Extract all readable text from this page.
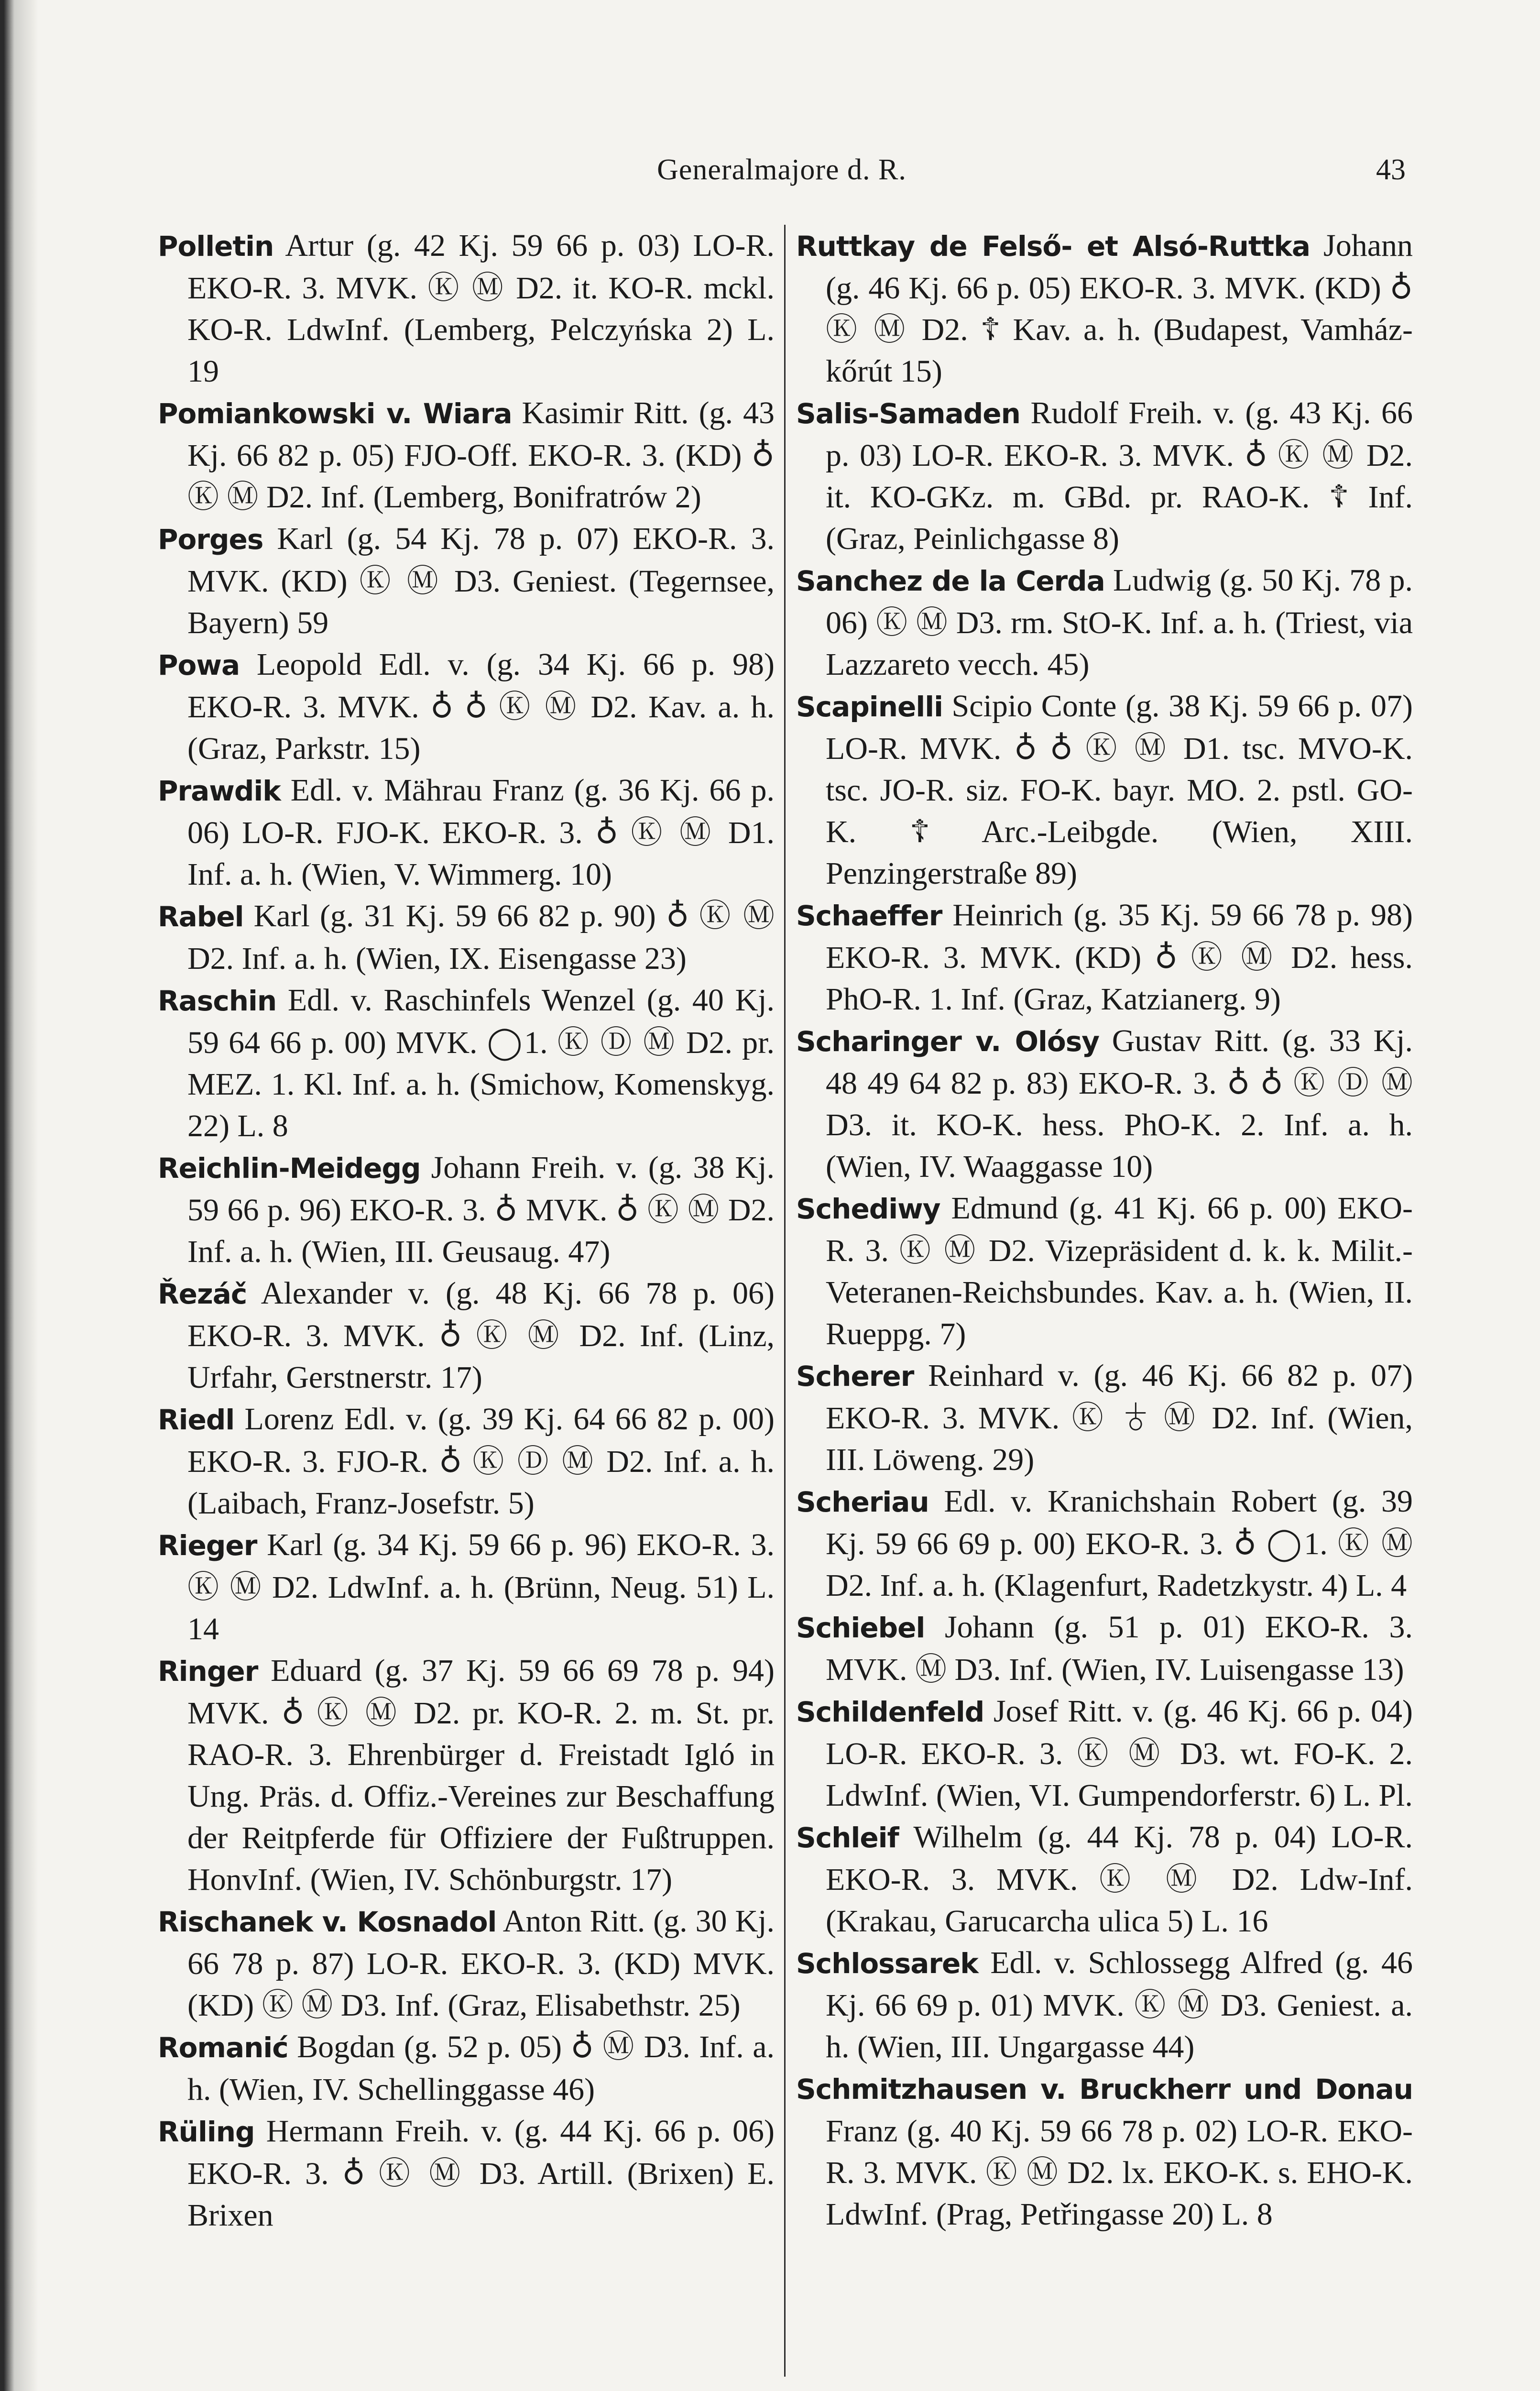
Generalmajore d. R.	43

Polletin Artur (g. 42 Kj. 59 66 p. 03) LO-R. EKO-R. 3. MVK. Ⓚ Ⓜ D2. it. KO-R. mckl. KO-R. LdwInf. (Lemberg, Pelczyńska 2) L. 19

Pomiankowski v. Wiara Kasimir Ritt. (g. 43 Kj. 66 82 p. 05) FJO-Off. EKO-R. 3. (KD) ♁ Ⓚ Ⓜ D2. Inf. (Lemberg, Bonifratrów 2)

Porges Karl (g. 54 Kj. 78 p. 07) EKO-R. 3. MVK. (KD) Ⓚ Ⓜ D3. Geniest. (Tegernsee, Bayern) 59

Powa Leopold Edl. v. (g. 34 Kj. 66 p. 98) EKO-R. 3. MVK. ♁ ♁ Ⓚ Ⓜ D2. Kav. a. h. (Graz, Parkstr. 15)

Prawdik Edl. v. Mährau Franz (g. 36 Kj. 66 p. 06) LO-R. FJO-K. EKO-R. 3. ♁ Ⓚ Ⓜ D1. Inf. a. h. (Wien, V. Wimmerg. 10)

Rabel Karl (g. 31 Kj. 59 66 82 p. 90) ♁ Ⓚ Ⓜ D2. Inf. a. h. (Wien, IX. Eisengasse 23)

Raschin Edl. v. Raschinfels Wenzel (g. 40 Kj. 59 64 66 p. 00) MVK. ◯1. Ⓚ Ⓓ Ⓜ D2. pr. MEZ. 1. Kl. Inf. a. h. (Smichow, Komenskyg. 22) L. 8

Reichlin-Meidegg Johann Freih. v. (g. 38 Kj. 59 66 p. 96) EKO-R. 3. ♁ MVK. ♁ Ⓚ Ⓜ D2. Inf. a. h. (Wien, III. Geusaug. 47)

Řezáč Alexander v. (g. 48 Kj. 66 78 p. 06) EKO-R. 3. MVK. ♁ Ⓚ Ⓜ D2. Inf. (Linz, Urfahr, Gerstnerstr. 17)

Riedl Lorenz Edl. v. (g. 39 Kj. 64 66 82 p. 00) EKO-R. 3. FJO-R. ♁ Ⓚ Ⓓ Ⓜ D2. Inf. a. h. (Laibach, Franz-Josefstr. 5)

Rieger Karl (g. 34 Kj. 59 66 p. 96) EKO-R. 3. Ⓚ Ⓜ D2. LdwInf. a. h. (Brünn, Neug. 51) L. 14

Ringer Eduard (g. 37 Kj. 59 66 69 78 p. 94) MVK. ♁ Ⓚ Ⓜ D2. pr. KO-R. 2. m. St. pr. RAO-R. 3. Ehrenbürger d. Freistadt Igló in Ung. Präs. d. Offiz.-Vereines zur Beschaffung der Reitpferde für Offiziere der Fußtruppen. HonvInf. (Wien, IV. Schönburgstr. 17)

Rischanek v. Kosnadol Anton Ritt. (g. 30 Kj. 66 78 p. 87) LO-R. EKO-R. 3. (KD) MVK. (KD) Ⓚ Ⓜ D3. Inf. (Graz, Elisabethstr. 25)

Romanić Bogdan (g. 52 p. 05) ♁ Ⓜ D3. Inf. a. h. (Wien, IV. Schellinggasse 46)

Rüling Hermann Freih. v. (g. 44 Kj. 66 p. 06) EKO-R. 3. ♁ Ⓚ Ⓜ D3. Artill. (Brixen) E. Brixen

Ruttkay de Felső- et Alsó-Ruttka Johann (g. 46 Kj. 66 p. 05) EKO-R. 3. MVK. (KD) ♁ Ⓚ Ⓜ D2. ☦ Kav. a. h. (Budapest, Vamház-kőrút 15)

Salis-Samaden Rudolf Freih. v. (g. 43 Kj. 66 p. 03) LO-R. EKO-R. 3. MVK. ♁ Ⓚ Ⓜ D2. it. KO-GKz. m. GBd. pr. RAO-K. ☦ Inf. (Graz, Peinlichgasse 8)

Sanchez de la Cerda Ludwig (g. 50 Kj. 78 p. 06) Ⓚ Ⓜ D3. rm. StO-K. Inf. a. h. (Triest, via Lazzareto vecch. 45)

Scapinelli Scipio Conte (g. 38 Kj. 59 66 p. 07) LO-R. MVK. ♁ ♁ Ⓚ Ⓜ D1. tsc. MVO-K. tsc. JO-R. siz. FO-K. bayr. MO. 2. pstl. GO-K. ☦ Arc.-Leibgde. (Wien, XIII. Penzingerstraße 89)

Schaeffer Heinrich (g. 35 Kj. 59 66 78 p. 98) EKO-R. 3. MVK. (KD) ♁ Ⓚ Ⓜ D2. hess. PhO-R. 1. Inf. (Graz, Katzianerg. 9)

Scharinger v. Olósy Gustav Ritt. (g. 33 Kj. 48 49 64 82 p. 83) EKO-R. 3. ♁ ♁ Ⓚ Ⓓ Ⓜ D3. it. KO-K. hess. PhO-K. 2. Inf. a. h. (Wien, IV. Waaggasse 10)

Schediwy Edmund (g. 41 Kj. 66 p. 00) EKO-R. 3. Ⓚ Ⓜ D2. Vizepräsident d. k. k. Milit.-Veteranen-Reichsbundes. Kav. a. h. (Wien, II. Rueppg. 7)

Scherer Reinhard v. (g. 46 Kj. 66 82 p. 07) EKO-R. 3. MVK. Ⓚ ♁ Ⓜ D2. Inf. (Wien, III. Löweng. 29)

Scheriau Edl. v. Kranichshain Robert (g. 39 Kj. 59 66 69 p. 00) EKO-R. 3. ♁ ◯1. Ⓚ Ⓜ D2. Inf. a. h. (Klagenfurt, Radetzkystr. 4) L. 4

Schiebel Johann (g. 51 p. 01) EKO-R. 3. MVK. Ⓜ D3. Inf. (Wien, IV. Luisengasse 13)

Schildenfeld Josef Ritt. v. (g. 46 Kj. 66 p. 04) LO-R. EKO-R. 3. Ⓚ Ⓜ D3. wt. FO-K. 2. LdwInf. (Wien, VI. Gumpendorferstr. 6) L. Pl.

Schleif Wilhelm (g. 44 Kj. 78 p. 04) LO-R. EKO-R. 3. MVK. Ⓚ Ⓜ D2. Ldw-Inf. (Krakau, Garucarcha ulica 5) L. 16

Schlossarek Edl. v. Schlossegg Alfred (g. 46 Kj. 66 69 p. 01) MVK. Ⓚ Ⓜ D3. Geniest. a. h. (Wien, III. Ungargasse 44)

Schmitzhausen v. Bruckherr und Donau Franz (g. 40 Kj. 59 66 78 p. 02) LO-R. EKO-R. 3. MVK. Ⓚ Ⓜ D2. lx. EKO-K. s. EHO-K. LdwInf. (Prag, Petřingasse 20) L. 8
